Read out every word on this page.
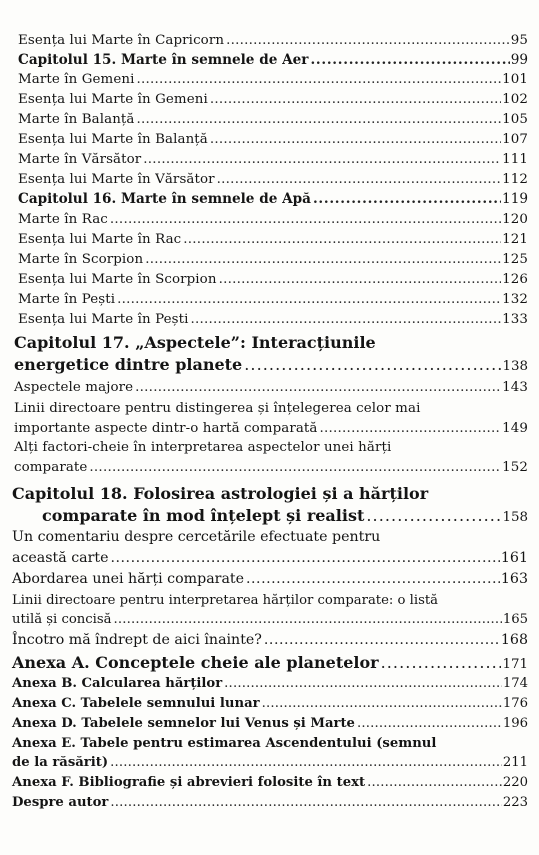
Esența lui Marte în Capricorn . . .	95
Capitolul 15. Marte în semnele de Aer . . .	99
Marte în Gemeni . . .	101
Esența lui Marte în Gemeni . . .	102
Marte în Balanță . . .	105
Esența lui Marte în Balanță . . .	107
Marte în Vărsător . . .	111
Esența lui Marte în Vărsător . . .	112
Capitolul 16. Marte în semnele de Apă . . .	119
Marte în Rac . . .	120
Esența lui Marte în Rac . . .	121
Marte în Scorpion . . .	125
Esența lui Marte în Scorpion . . .	126
Marte în Pești . . .	132
Esența lui Marte în Pești . . .	133
Capitolul 17. „Aspectele”: Interacțiunile
energetice dintre planete . . .	138
Aspectele majore . . .	143
Linii directoare pentru distingerea și înțelegerea celor mai
importante aspecte dintr-o hartă comparată . . .	149
Alți factori-cheie în interpretarea aspectelor unei hărți
comparate . . .	152
Capitolul 18. Folosirea astrologiei și a hărților
comparate în mod înțelept și realist . . .	158
Un comentariu despre cercetările efectuate pentru
această carte . . .	161
Abordarea unei hărți comparate . . .	163
Linii directoare pentru interpretarea hărților comparate: o listă
utilă și concisă . . .	165
Încotro mă îndrept de aici înainte? . . .	168
Anexa A. Conceptele cheie ale planetelor . . .	171
Anexa B. Calcularea hărților . . .	174
Anexa C. Tabelele semnului lunar . . .	176
Anexa D. Tabelele semnelor lui Venus și Marte . . .	196
Anexa E. Tabele pentru estimarea Ascendentului (semnul
de la răsărit) . . .	211
Anexa F. Bibliografie și abrevieri folosite în text . . .	220
Despre autor . . .	223
